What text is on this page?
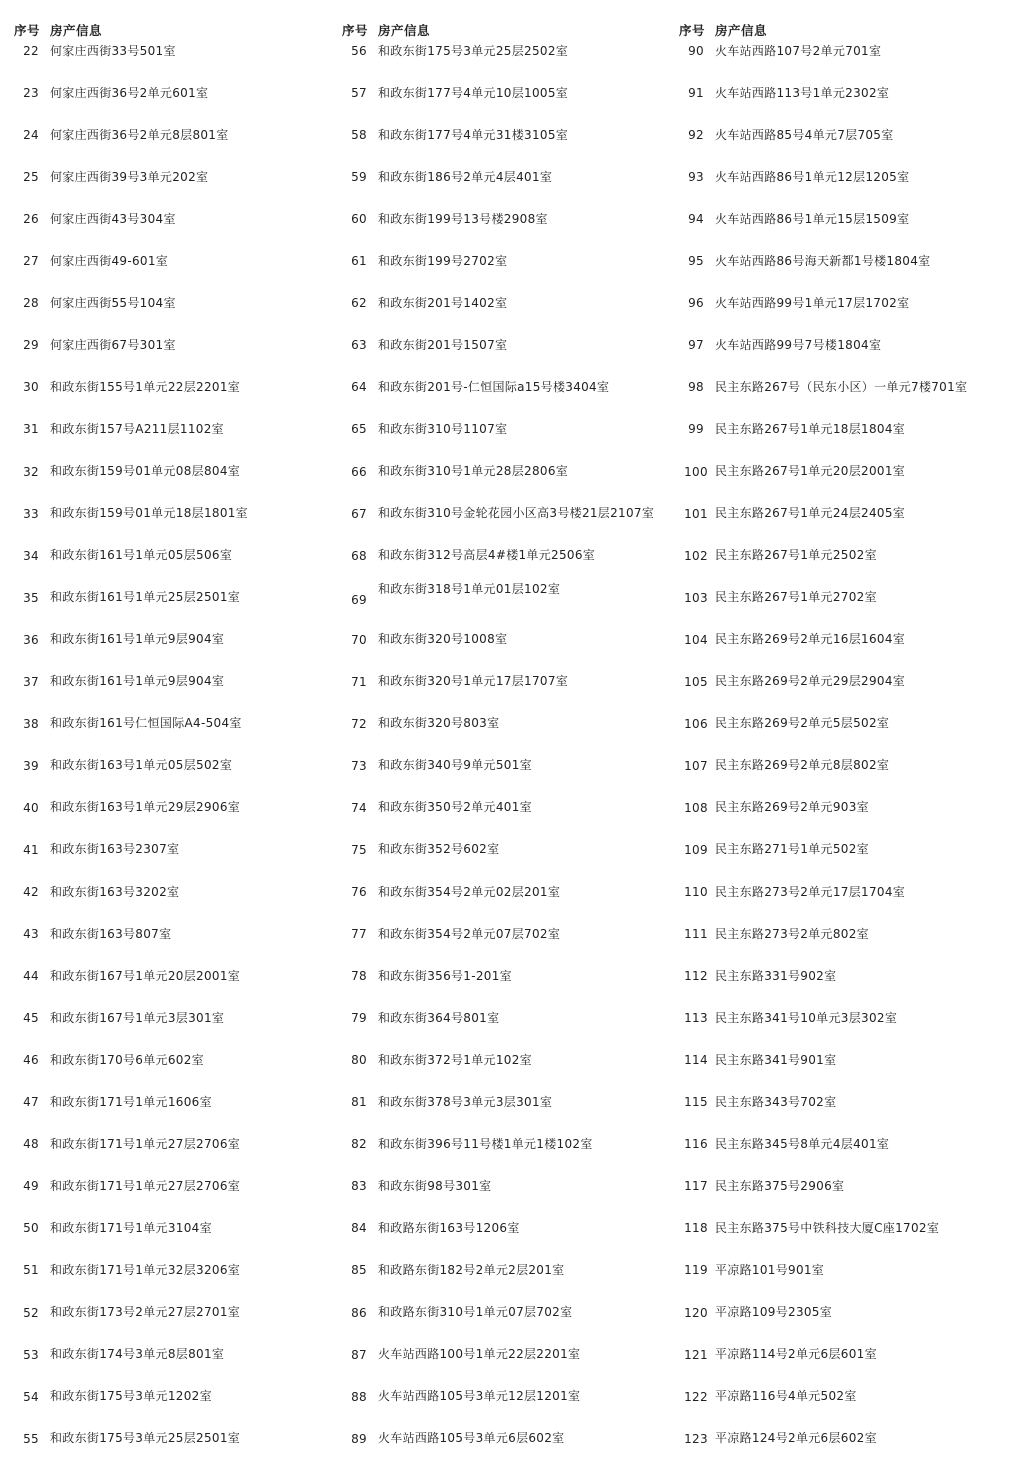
序号 房产信息
22 何家庄西街33号501室
23 何家庄西街36号2单元601室
24 何家庄西街36号2单元8层801室
25 何家庄西街39号3单元202室
26 何家庄西街43号304室
27 何家庄西街49-601室
28 何家庄西街55号104室
29 何家庄西街67号301室
30 和政东街155号1单元22层2201室
31 和政东街157号A211层1102室
32 和政东街159号01单元08层804室
33 和政东街159号01单元18层1801室
34 和政东街161号1单元05层506室
35 和政东街161号1单元25层2501室
36 和政东街161号1单元9层904室
37 和政东街161号1单元9层904室
38 和政东街161号仁恒国际A4-504室
39 和政东街163号1单元05层502室
40 和政东街163号1单元29层2906室
41 和政东街163号2307室
42 和政东街163号3202室
43 和政东街163号807室
44 和政东街167号1单元20层2001室
45 和政东街167号1单元3层301室
46 和政东街170号6单元602室
47 和政东街171号1单元1606室
48 和政东街171号1单元27层2706室
49 和政东街171号1单元27层2706室
50 和政东街171号1单元3104室
51 和政东街171号1单元32层3206室
52 和政东街173号2单元27层2701室
53 和政东街174号3单元8层801室
54 和政东街175号3单元1202室
55 和政东街175号3单元25层2501室
序号 房产信息
56 和政东街175号3单元25层2502室
57 和政东街177号4单元10层1005室
58 和政东街177号4单元31楼3105室
59 和政东街186号2单元4层401室
60 和政东街199号13号楼2908室
61 和政东街199号2702室
62 和政东街201号1402室
63 和政东街201号1507室
64 和政东街201号-仁恒国际a15号楼3404室
65 和政东街310号1107室
66 和政东街310号1单元28层2806室
67 和政东街310号金轮花园小区高3号楼21层2107室
68 和政东街312号高层4#楼1单元2506室
69
和政东街318号1单元01层102室
70 和政东街320号1008室
71 和政东街320号1单元17层1707室
72 和政东街320号803室
73 和政东街340号9单元501室
74 和政东街350号2单元401室
75 和政东街352号602室
76 和政东街354号2单元02层201室
77 和政东街354号2单元07层702室
78 和政东街356号1-201室
79 和政东街364号801室
80 和政东街372号1单元102室
81 和政东街378号3单元3层301室
82 和政东街396号11号楼1单元1楼102室
83 和政东街98号301室
84 和政路东街163号1206室
85 和政路东街182号2单元2层201室
86 和政路东街310号1单元07层702室
87 火车站西路100号1单元22层2201室
88 火车站西路105号3单元12层1201室
89 火车站西路105号3单元6层602室
序号 房产信息
90 火车站西路107号2单元701室
91 火车站西路113号1单元2302室
92 火车站西路85号4单元7层705室
93 火车站西路86号1单元12层1205室
94 火车站西路86号1单元15层1509室
95 火车站西路86号海天新都1号楼1804室
96 火车站西路99号1单元17层1702室
97 火车站西路99号7号楼1804室
98 民主东路267号（民东小区）一单元7楼701室
99 民主东路267号1单元18层1804室
100 民主东路267号1单元20层2001室
101 民主东路267号1单元24层2405室
102 民主东路267号1单元2502室
103 民主东路267号1单元2702室
104 民主东路269号2单元16层1604室
105 民主东路269号2单元29层2904室
106 民主东路269号2单元5层502室
107 民主东路269号2单元8层802室
108 民主东路269号2单元903室
109 民主东路271号1单元502室
110 民主东路273号2单元17层1704室
111 民主东路273号2单元802室
112 民主东路331号902室
113 民主东路341号10单元3层302室
114 民主东路341号901室
115 民主东路343号702室
116 民主东路345号8单元4层401室
117 民主东路375号2906室
118 民主东路375号中铁科技大厦C座1702室
119 平凉路101号901室
120 平凉路109号2305室
121 平凉路114号2单元6层601室
122 平凉路116号4单元502室
123 平凉路124号2单元6层602室
